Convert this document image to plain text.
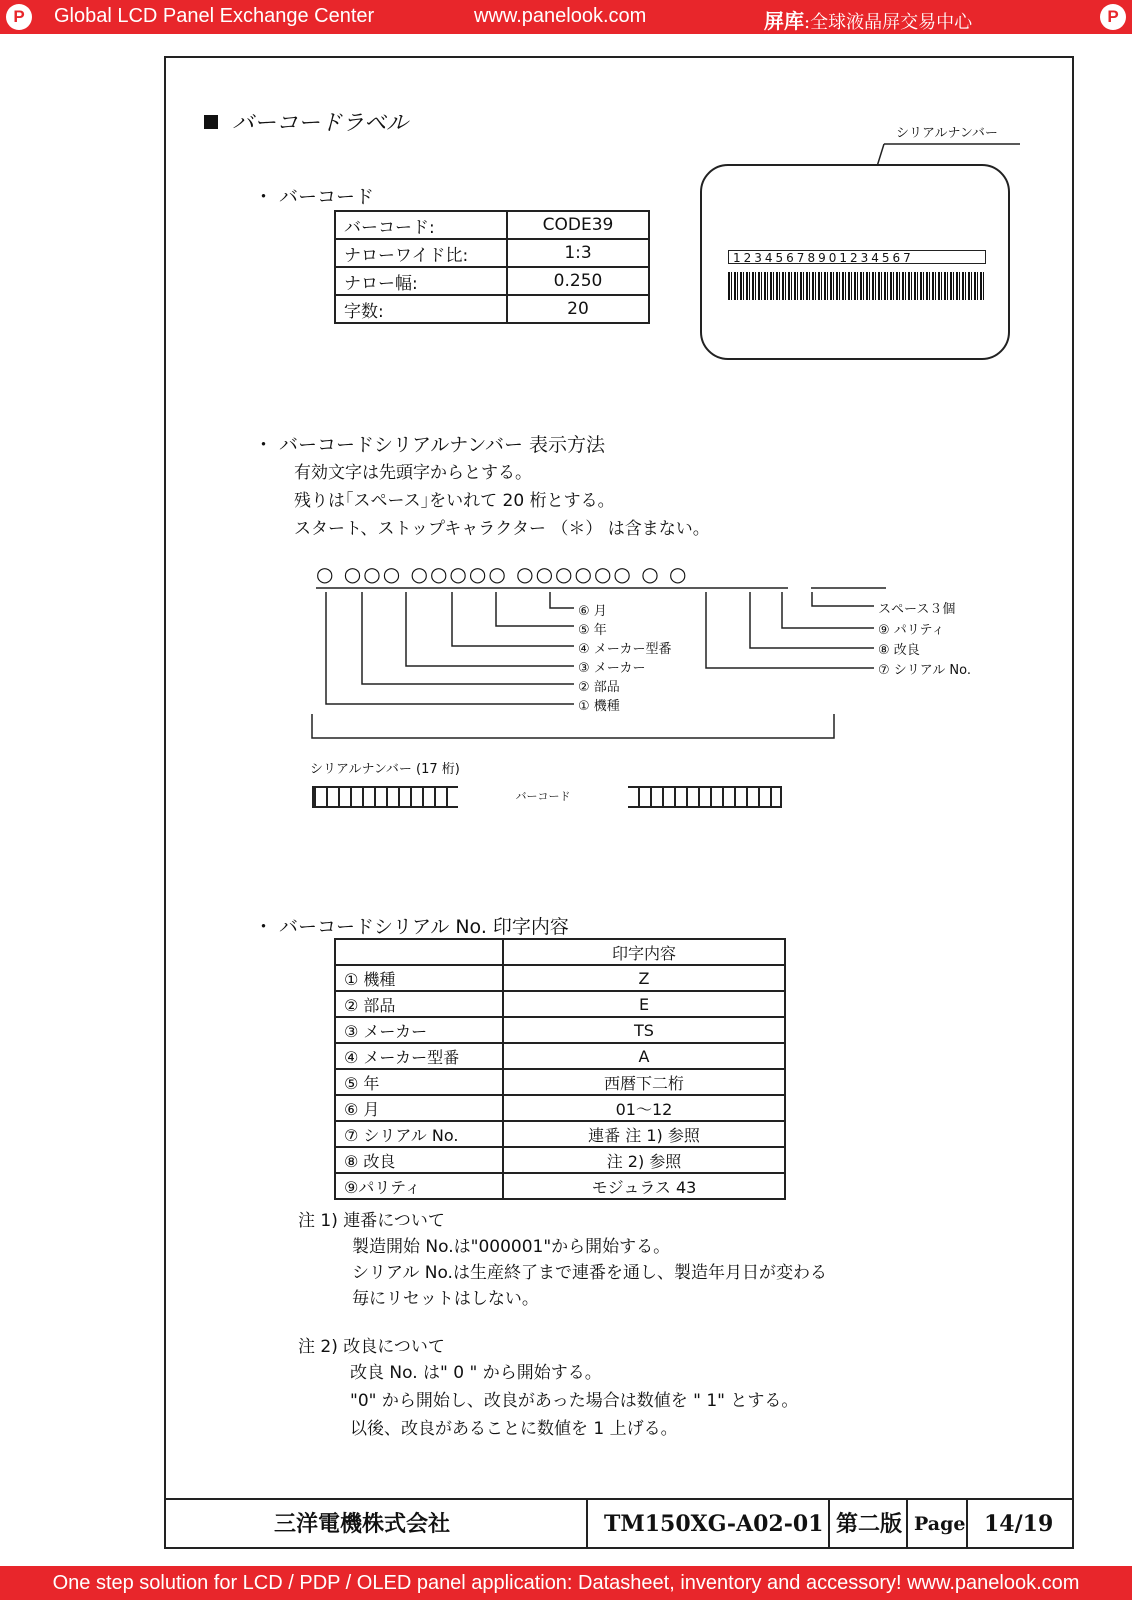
P	Global LCD Panel Exchange Center	www.panelook.com	屏库:全球液晶屏交易中心	P
バーコードラベル
・ バーコード
バーコード:	CODE39
ナローワイド比:	1:3
ナロー幅:	0.250
字数:	20
シリアルナンバー
12345678901234567
・ バーコードシリアルナンバー 表示方法
有効文字は先頭字からとする。
残りは｢スペース｣をいれて 20 桁とする。
スタート、ストップキャラクター （＊） は含まない。
○ ○○○ ○○○○○ ○○○○○○ ○ ○
⑥ 月
⑤ 年
④ メーカー型番
③ メーカー
② 部品
① 機種
スペース３個
⑨ パリティ
⑧ 改良
⑦ シリアル No.
シリアルナンバー (17 桁)
バーコード
・ バーコードシリアル No. 印字内容
	印字内容
① 機種	Z
② 部品	E
③ メーカー	TS
④ メーカー型番	A
⑤ 年	西暦下二桁
⑥ 月	01～12
⑦ シリアル No.	連番 注 1) 参照
⑧ 改良	注 2) 参照
⑨パリティ	モジュラス 43
注 1) 連番について
製造開始 No.は"000001"から開始する。
シリアル No.は生産終了まで連番を通し、製造年月日が変わる
毎にリセットはしない。
注 2) 改良について
改良 No. は" 0 " から開始する。
"0" から開始し、改良があった場合は数値を " 1" とする。
以後、改良があることに数値を 1 上げる。
三洋電機株式会社	TM150XG-A02-01 第二版 Page 14/19
One step solution for LCD / PDP / OLED panel application: Datasheet, inventory and accessory! www.panelook.com
